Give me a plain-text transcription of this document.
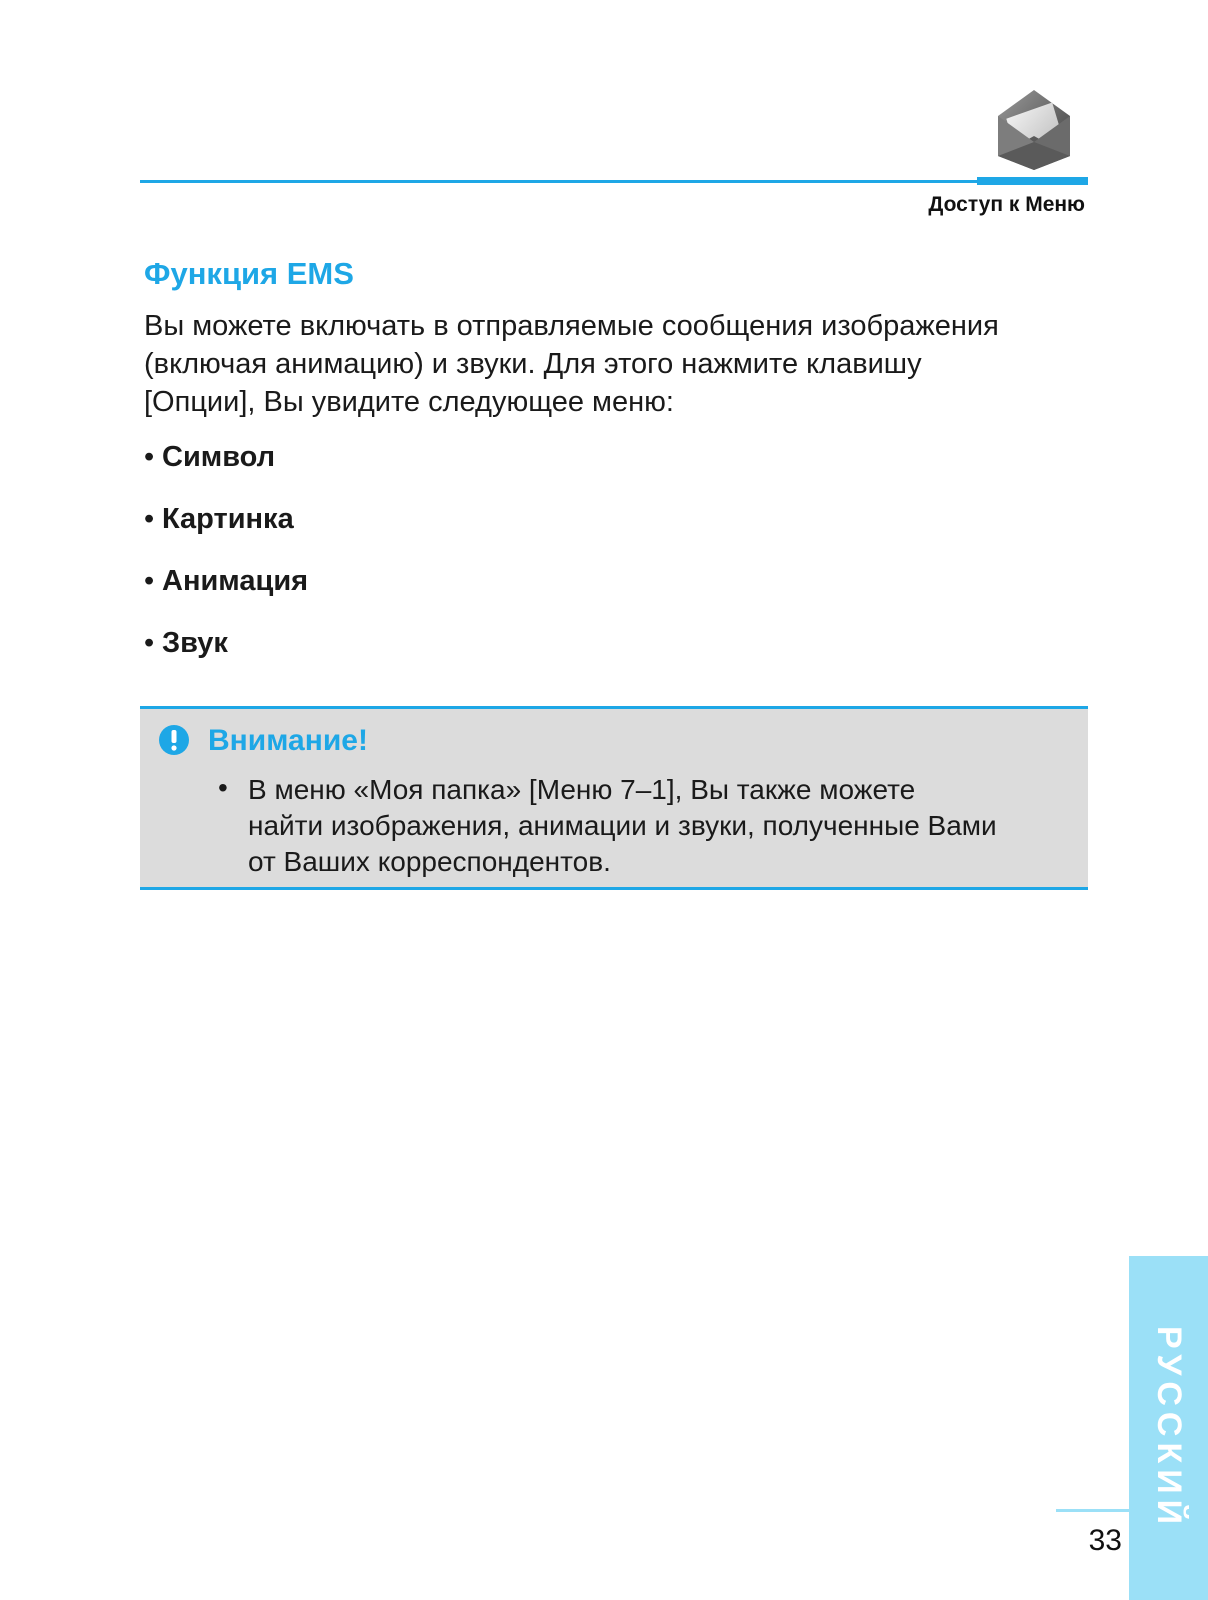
Доступ к Меню
Функция EMS
Вы можете включать в отправляемые сообщения изображения
(включая анимацию) и звуки. Для этого нажмите клавишу
[Опции], Вы увидите следующее меню:
• Символ
• Картинка
• Анимация
• Звук
Внимание!
• В меню «Моя папка» [Меню 7–1], Вы также можете
найти изображения, анимации и звуки, полученные Вами
от Ваших корреспондентов.
РУССКИЙ
33
